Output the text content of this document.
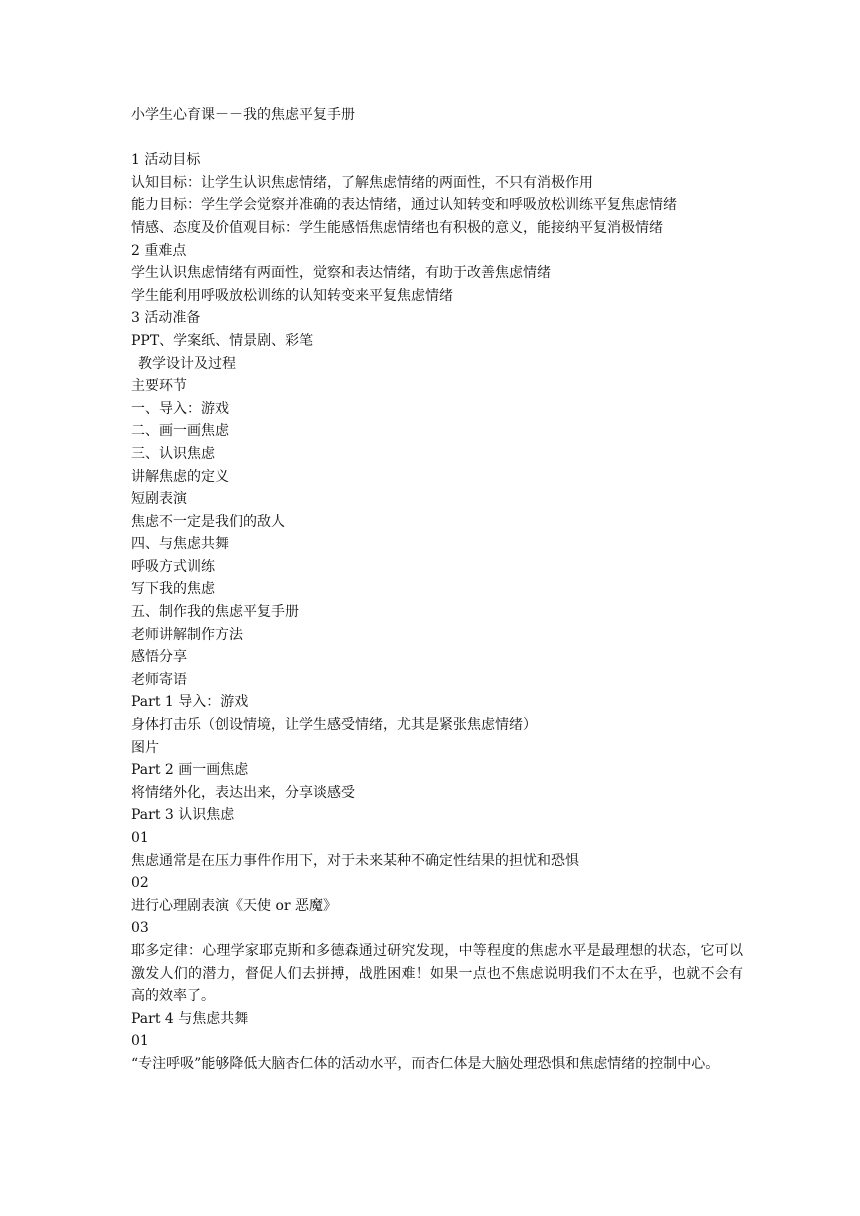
小学生心育课－－我的焦虑平复手册
1 活动目标
认知目标：让学生认识焦虑情绪，了解焦虑情绪的两面性，不只有消极作用
能力目标：学生学会觉察并准确的表达情绪，通过认知转变和呼吸放松训练平复焦虑情绪
情感、态度及价值观目标：学生能感悟焦虑情绪也有积极的意义，能接纳平复消极情绪
2 重难点
学生认识焦虑情绪有两面性，觉察和表达情绪，有助于改善焦虑情绪
学生能利用呼吸放松训练的认知转变来平复焦虑情绪
3 活动准备
PPT、学案纸、情景剧、彩笔
教学设计及过程
主要环节
一、导入：游戏
二、画一画焦虑
三、认识焦虑
讲解焦虑的定义
短剧表演
焦虑不一定是我们的敌人
四、与焦虑共舞
呼吸方式训练
写下我的焦虑
五、制作我的焦虑平复手册
老师讲解制作方法
感悟分享
老师寄语
Part 1 导入：游戏
身体打击乐（创设情境，让学生感受情绪，尤其是紧张焦虑情绪）
图片
Part 2 画一画焦虑
将情绪外化，表达出来，分享谈感受
Part 3 认识焦虑
01
焦虑通常是在压力事件作用下，对于未来某种不确定性结果的担忧和恐惧
02
进行心理剧表演《天使 or 恶魔》
03
耶多定律：心理学家耶克斯和多德森通过研究发现，中等程度的焦虑水平是最理想的状态，它可以激发人们的潜力，督促人们去拼搏，战胜困难！如果一点也不焦虑说明我们不太在乎，也就不会有高的效率了。
Part 4 与焦虑共舞
01
“专注呼吸”能够降低大脑杏仁体的活动水平，而杏仁体是大脑处理恐惧和焦虑情绪的控制中心。
